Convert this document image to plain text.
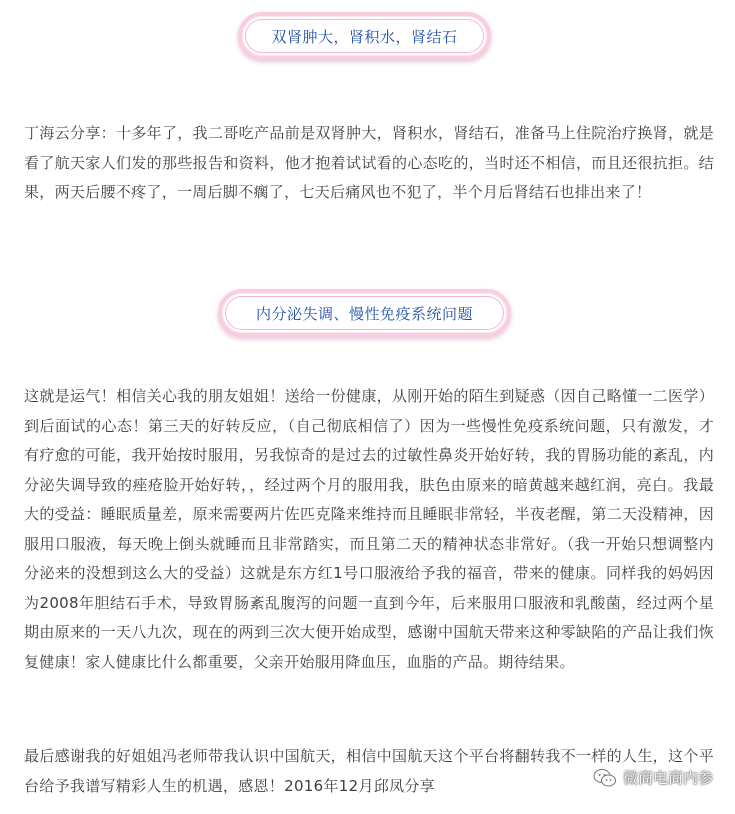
双肾肿大，肾积水，肾结石

丁海云分享：十多年了，我二哥吃产品前是双肾肿大，肾积水，肾结石，准备马上住院治疗换肾，就是看了航天家人们发的那些报告和资料，他才抱着试试看的心态吃的，当时还不相信，而且还很抗拒。结果，两天后腰不疼了，一周后脚不瘸了，七天后痛风也不犯了，半个月后肾结石也排出来了！

内分泌失调、慢性免疫系统问题

这就是运气！相信关心我的朋友姐姐！送给一份健康，从刚开始的陌生到疑惑（因自己略懂一二医学）到后面试的心态！第三天的好转反应，（自己彻底相信了）因为一些慢性免疫系统问题，只有激发，才有疗愈的可能，我开始按时服用，另我惊奇的是过去的过敏性鼻炎开始好转，我的胃肠功能的紊乱，内分泌失调导致的痤疮脸开始好转，，经过两个月的服用我，肤色由原来的暗黄越来越红润，亮白。我最大的受益：睡眠质量差，原来需要两片佐匹克隆来维持而且睡眠非常轻，半夜老醒，第二天没精神，因服用口服液，每天晚上倒头就睡而且非常踏实，而且第二天的精神状态非常好。（我一开始只想调整内分泌来的没想到这么大的受益）这就是东方红1号口服液给予我的福音，带来的健康。同样我的妈妈因为2008年胆结石手术，导致胃肠紊乱腹泻的问题一直到今年，后来服用口服液和乳酸菌，经过两个星期由原来的一天八九次，现在的两到三次大便开始成型，感谢中国航天带来这种零缺陷的产品让我们恢复健康！家人健康比什么都重要，父亲开始服用降血压，血脂的产品。期待结果。

最后感谢我的好姐姐冯老师带我认识中国航天，相信中国航天这个平台将翻转我不一样的人生，这个平台给予我谱写精彩人生的机遇，感恩！2016年12月邱凤分享	微商电商内参
